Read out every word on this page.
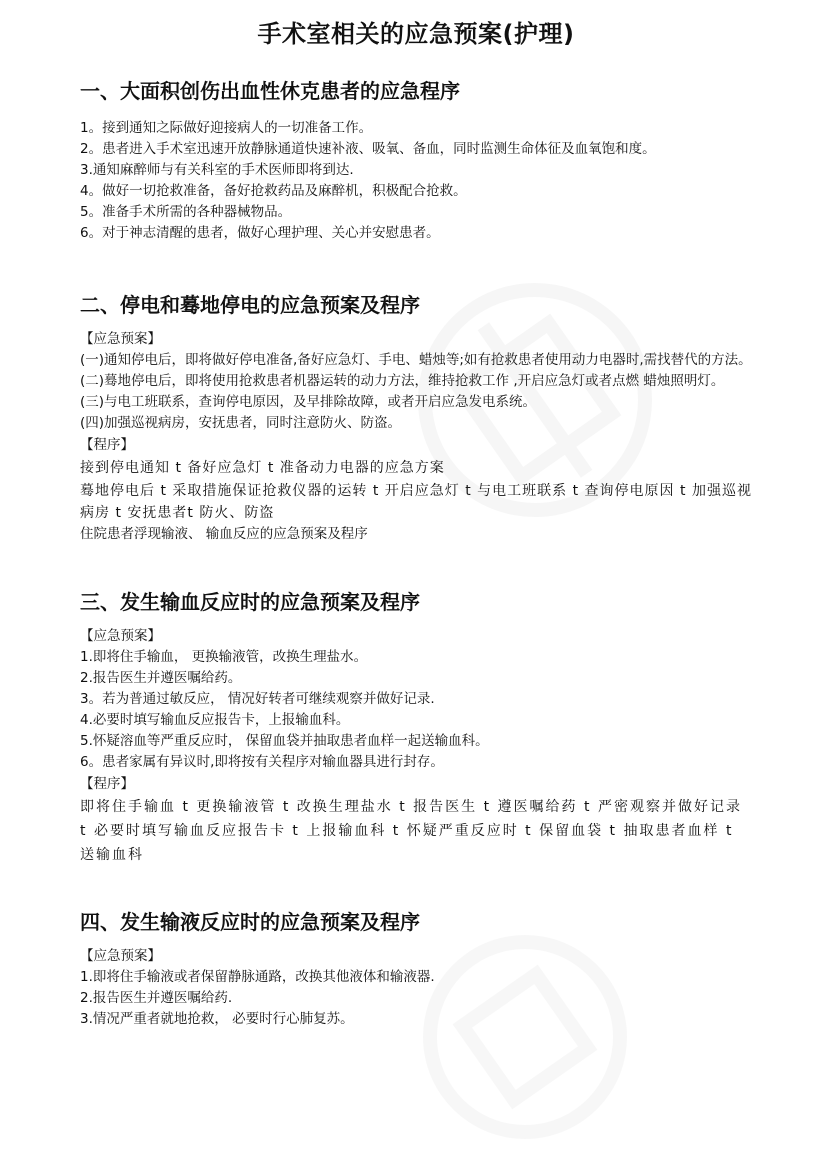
手术室相关的应急预案(护理)
一、大面积创伤出血性休克患者的应急程序

1。接到通知之际做好迎接病人的一切准备工作。

2。患者进入手术室迅速开放静脉通道快速补液、吸氧、备血，同时监测生命体征及血氧饱和度。

3.通知麻醉师与有关科室的手术医师即将到达.

4。做好一切抢救准备，备好抢救药品及麻醉机，积极配合抢救。

5。准备手术所需的各种器械物品。

6。对于神志清醒的患者，做好心理护理、关心并安慰患者。

二、停电和蓦地停电的应急预案及程序

【应急预案】

(一)通知停电后，即将做好停电准备,备好应急灯、手电、蜡烛等;如有抢救患者使用动力电器时,需找替代的方法。

(二)蓦地停电后，即将使用抢救患者机器运转的动力方法，维持抢救工作 ,开启应急灯或者点燃 蜡烛照明灯。

(三)与电工班联系，查询停电原因，及早排除故障，或者开启应急发电系统。

(四)加强巡视病房，安抚患者，同时注意防火、防盗。

【程序】

接到停电通知 t 备好应急灯 t 准备动力电器的应急方案

蓦地停电后 t 采取措施保证抢救仪器的运转 t 开启应急灯 t 与电工班联系 t 查询停电原因 t 加强巡视病房 t 安抚患者t 防火、防盗

住院患者浮现输液、 输血反应的应急预案及程序

三、发生输血反应时的应急预案及程序

【应急预案】

1.即将住手输血， 更换输液管，改换生理盐水。

2.报告医生并遵医嘱给药。

3。若为普通过敏反应， 情况好转者可继续观察并做好记录.

4.必要时填写输血反应报告卡，上报输血科。

5.怀疑溶血等严重反应时， 保留血袋并抽取患者血样一起送输血科。

6。患者家属有异议时,即将按有关程序对输血器具进行封存。

【程序】

即将住手输血 t 更换输液管 t 改换生理盐水 t 报告医生 t 遵医嘱给药 t 严密观察并做好记录 t 必要时填写输血反应报告卡 t 上报输血科 t 怀疑严重反应时 t 保留血袋 t 抽取患者血样 t 送输血科

四、发生输液反应时的应急预案及程序

【应急预案】

1.即将住手输液或者保留静脉通路，改换其他液体和输液器.

2.报告医生并遵医嘱给药.

3.情况严重者就地抢救， 必要时行心肺复苏。
